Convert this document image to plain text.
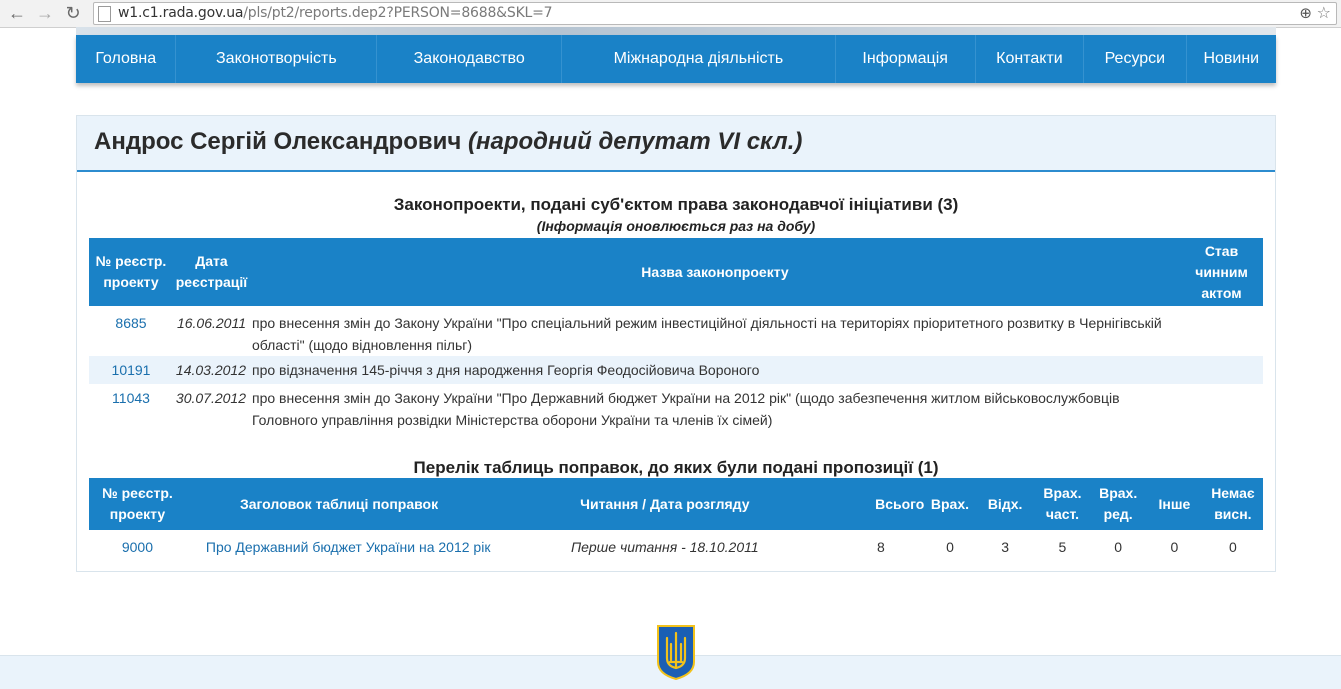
← → ↻	w1.c1.rada.gov.ua/pls/pt2/reports.dep2?PERSON=8688&SKL=7	⊕ ☆
Головна	Законотворчість	Законодавство	Міжнародна діяльність	Інформація	Контакти	Ресурси	Новини
Андрос Сергій Олександрович (народний депутат VI скл.)
Законопроекти, подані суб'єктом права законодавчої ініціативи (3)
(Інформація оновлюється раз на добу)
№ реєстр. проекту	Дата реєстрації	Назва законопроекту	Став чинним актом
8685	16.06.2011	про внесення змін до Закону України "Про спеціальний режим інвестиційної діяльності на територіях пріоритетного розвитку в Чернігівській області" (щодо відновлення пільг)	
10191	14.03.2012	про відзначення 145-річчя з дня народження Георгія Феодосійовича Вороного	
11043	30.07.2012	про внесення змін до Закону України "Про Державний бюджет України на 2012 рік" (щодо забезпечення житлом військовослужбовців Головного управління розвідки Міністерства оборони України та членів їх сімей)	
Перелік таблиць поправок, до яких були подані пропозиції (1)
№ реєстр. проекту	Заголовок таблиці поправок	Читання / Дата розгляду	Всього	Врах.	Відх.	Врах. част.	Врах. ред.	Інше	Немає висн.
9000	Про Державний бюджет України на 2012 рік	Перше читання - 18.10.2011	8	0	3	5	0	0	0
